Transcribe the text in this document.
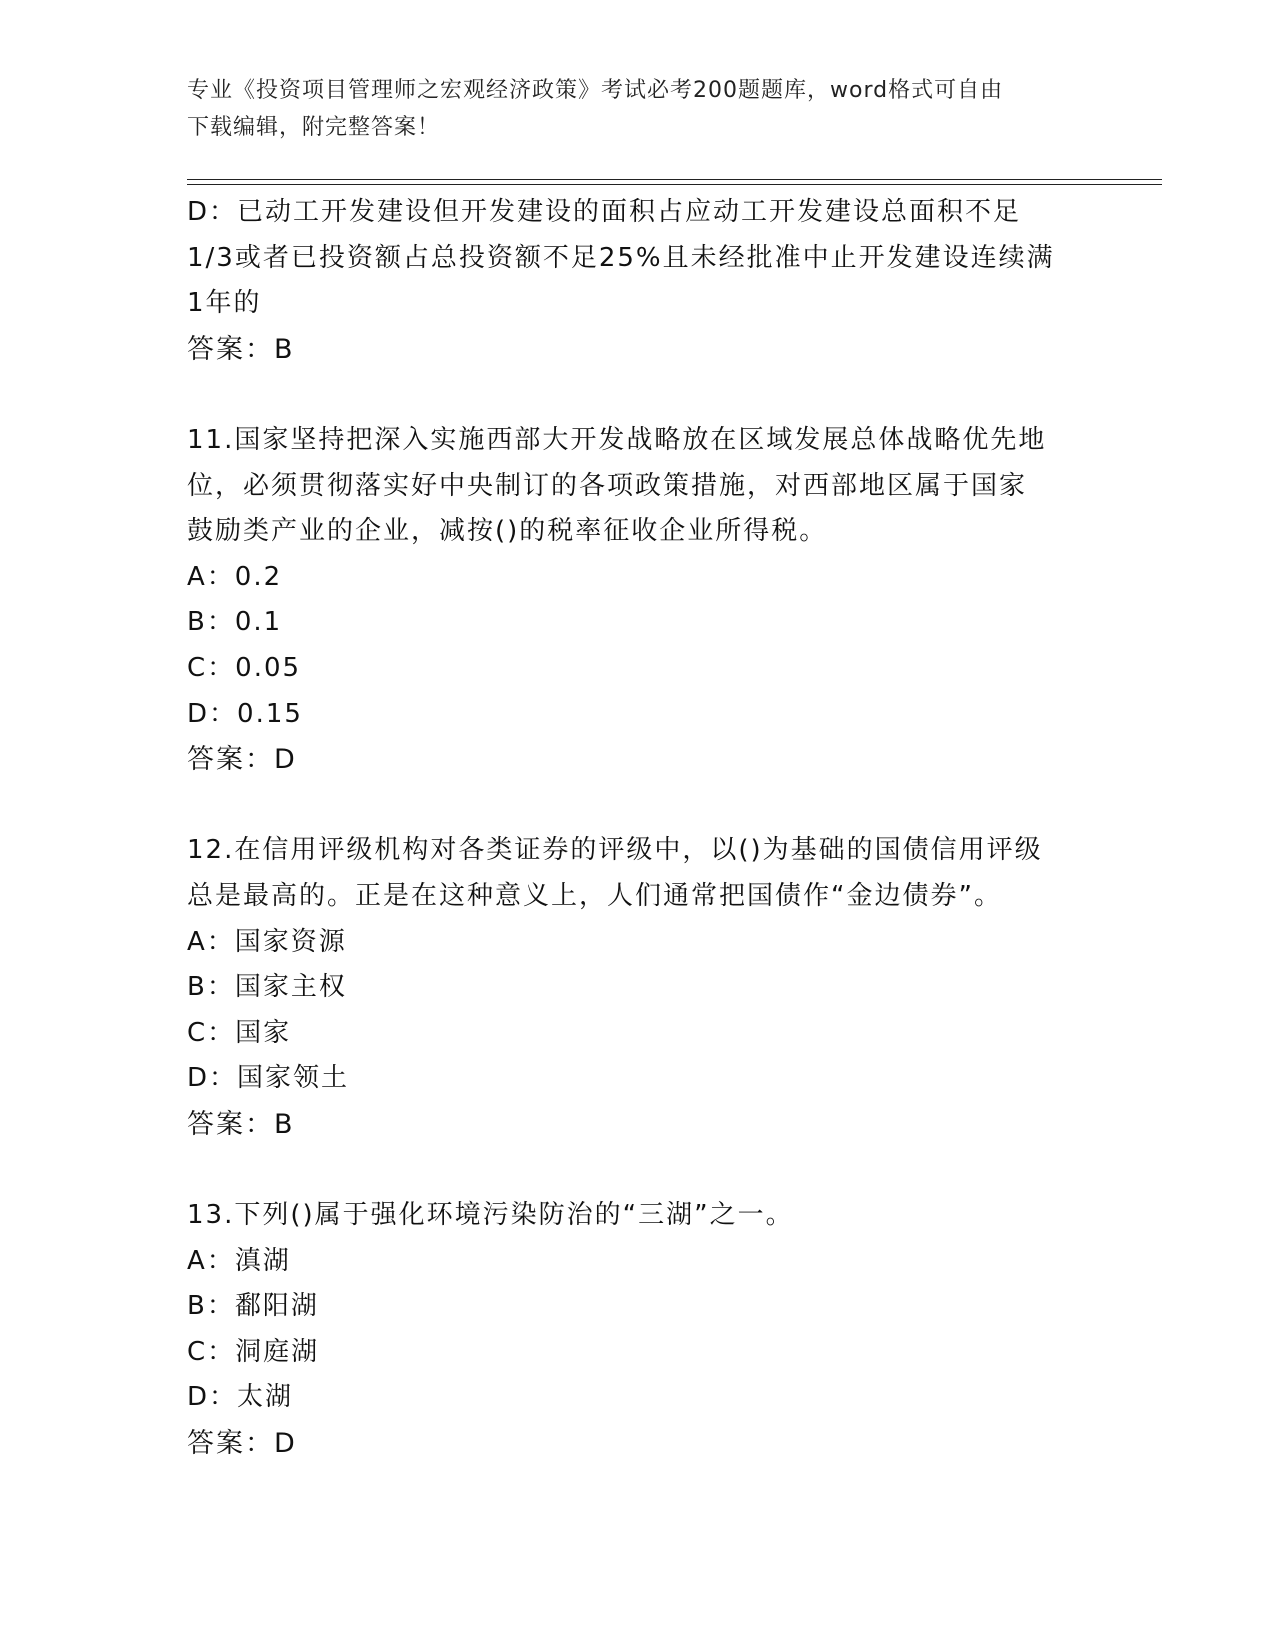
专业《投资项目管理师之宏观经济政策》考试必考200题题库，word格式可自由
下载编辑，附完整答案！
D：已动工开发建设但开发建设的面积占应动工开发建设总面积不足
1/3或者已投资额占总投资额不足25%且未经批准中止开发建设连续满
1年的
答案：B
11.国家坚持把深入实施西部大开发战略放在区域发展总体战略优先地
位，必须贯彻落实好中央制订的各项政策措施，对西部地区属于国家
鼓励类产业的企业，减按()的税率征收企业所得税。
A：0.2
B：0.1
C：0.05
D：0.15
答案：D
12.在信用评级机构对各类证券的评级中，以()为基础的国债信用评级
总是最高的。正是在这种意义上，人们通常把国债作“金边债券”。
A：国家资源
B：国家主权
C：国家
D：国家领土
答案：B
13.下列()属于强化环境污染防治的“三湖”之一。
A：滇湖
B：鄱阳湖
C：洞庭湖
D：太湖
答案：D
